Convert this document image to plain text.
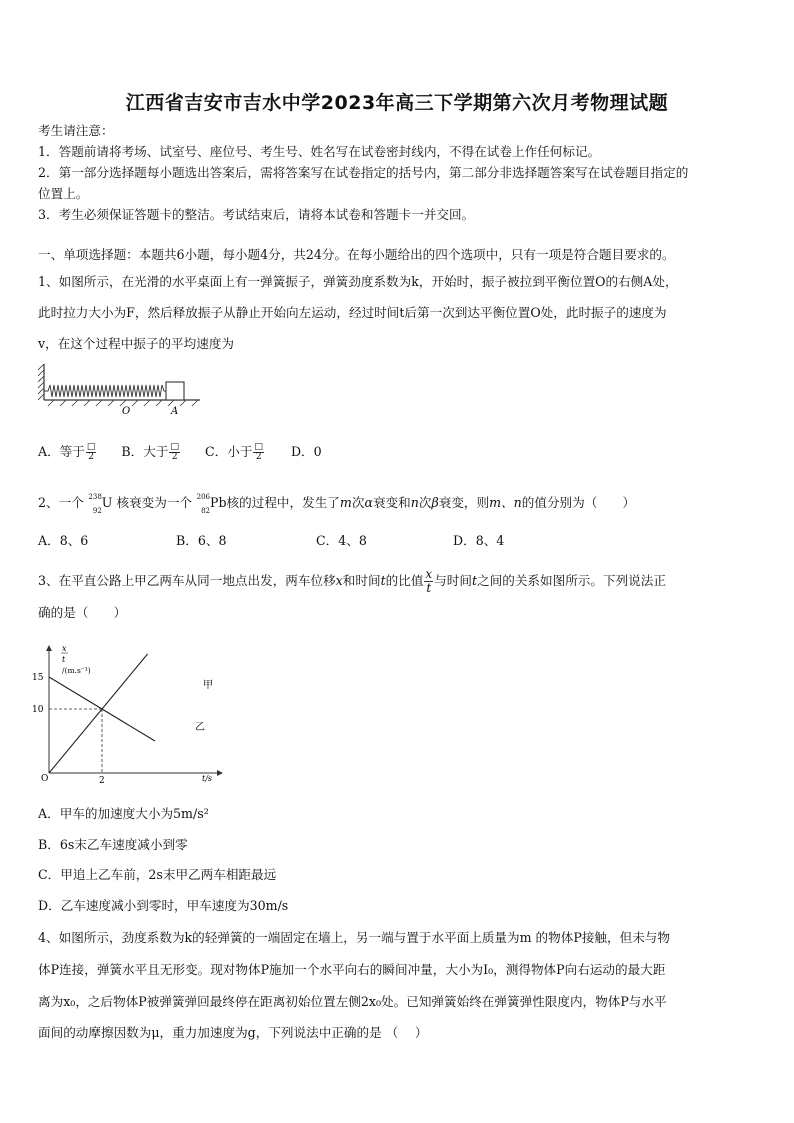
江西省吉安市吉水中学2023年高三下学期第六次月考物理试题
考生请注意：
1．答题前请将考场、试室号、座位号、考生号、姓名写在试卷密封线内，不得在试卷上作任何标记。
2．第一部分选择题每小题选出答案后，需将答案写在试卷指定的括号内，第二部分非选择题答案写在试卷题目指定的
位置上。
3．考生必须保证答题卡的整洁。考试结束后，请将本试卷和答题卡一并交回。
一、单项选择题：本题共6小题，每小题4分，共24分。在每小题给出的四个选项中，只有一项是符合题目要求的。
1、如图所示，在光滑的水平桌面上有一弹簧振子，弹簧劲度系数为k，开始时，振子被拉到平衡位置O的右侧A处，
此时拉力大小为F，然后释放振子从静止开始向左运动，经过时间t后第一次到达平衡位置O处，此时振子的速度为
v，在这个过程中振子的平均速度为
O	A
A．等于 $\frac{□}{2}$ B．大于 $\frac{□}{2}$ C．小于 $\frac{□}{2}$ D．0
2、一个 238
92
U 核衰变为一个 206
82
Pb核的过程中，发生了m次α衰变和n次β衰变，则m、n的值分别为（　　）
A．8、6	B．6、8	C．4、8	D．8、4
3、在平直公路上甲乙两车从同一地点出发，两车位移x和时间t的比值 $\frac{x}{t}$ 与时间t之间的关系如图所示。下列说法正
确的是（　　）
x
t
/(m.s⁻¹)
t/s
O
15
10
2
甲
乙
A．甲车的加速度大小为5m/s²
B．6s末乙车速度减小到零
C．甲追上乙车前，2s末甲乙两车相距最远
D．乙车速度减小到零时，甲车速度为30m/s
4、如图所示，劲度系数为k的轻弹簧的一端固定在墙上，另一端与置于水平面上质量为m 的物体P接触，但未与物
体P连接，弹簧水平且无形变。现对物体P施加一个水平向右的瞬间冲量，大小为I₀，测得物体P向右运动的最大距
离为x₀，之后物体P被弹簧弹回最终停在距离初始位置左侧2x₀处。已知弹簧始终在弹簧弹性限度内，物体P与水平
面间的动摩擦因数为μ，重力加速度为g，下列说法中正确的是 （　 ）
